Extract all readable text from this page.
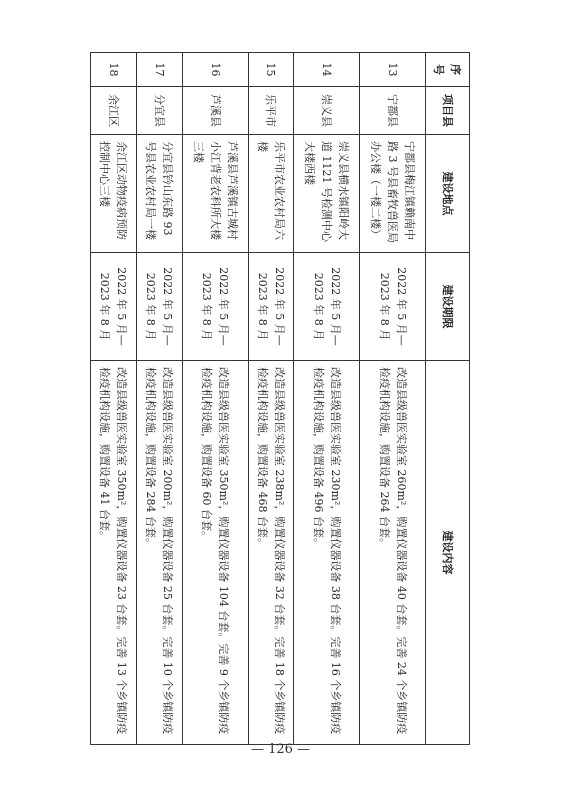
序号	项目县	建设地点	建设期限	建设内容
13	宁都县	宁都县梅江镇赖南中路 3 号县畜牧兽医局办公楼（一楼二楼）	2022 年 5 月—2023 年 8 月	改造县级兽医实验室 260m²，购置仪器设备 40 台套。完善 24 个乡镇防疫检疫机构设施，购置设备 264 台套。
14	崇义县	崇义县横水镇阳岭大道 1121 号检测中心大楼西楼	2022 年 5 月—2023 年 8 月	改造县级兽医实验室 230m²，购置仪器设备 38 台套。完善 16 个乡镇防疫检疫机构设施，购置设备 496 台套。
15	乐平市	乐平市农业农村局六楼	2022 年 5 月—2023 年 8 月	改造县级兽医实验室 238m²，购置仪器设备 32 台套。完善 18 个乡镇防疫检疫机构设施，购置设备 468 台套。
16	芦溪县	芦溪县芦溪镇古城村小江背老农科所大楼三楼	2022 年 5 月—2023 年 8 月	改造县级兽医实验室 350m²，购置仪器设备 104 台套。完善 9 个乡镇防疫检疫机构设施，购置设备 60 台套。
17	分宜县	分宜县钤山东路 93 号县农业农村局一楼	2022 年 5 月—2023 年 8 月	改造县级兽医实验室 200m²，购置仪器设备 25 台套。完善 10 个乡镇防疫检疫机构设施，购置设备 284 台套。
18	余江区	余江区动物疫病预防控制中心三楼	2022 年 5 月—2023 年 8 月	改造县级兽医实验室 350m²，购置仪器设备 23 台套。完善 13 个乡镇防疫检疫机构设施，购置设备 41 台套。
— 126 —
